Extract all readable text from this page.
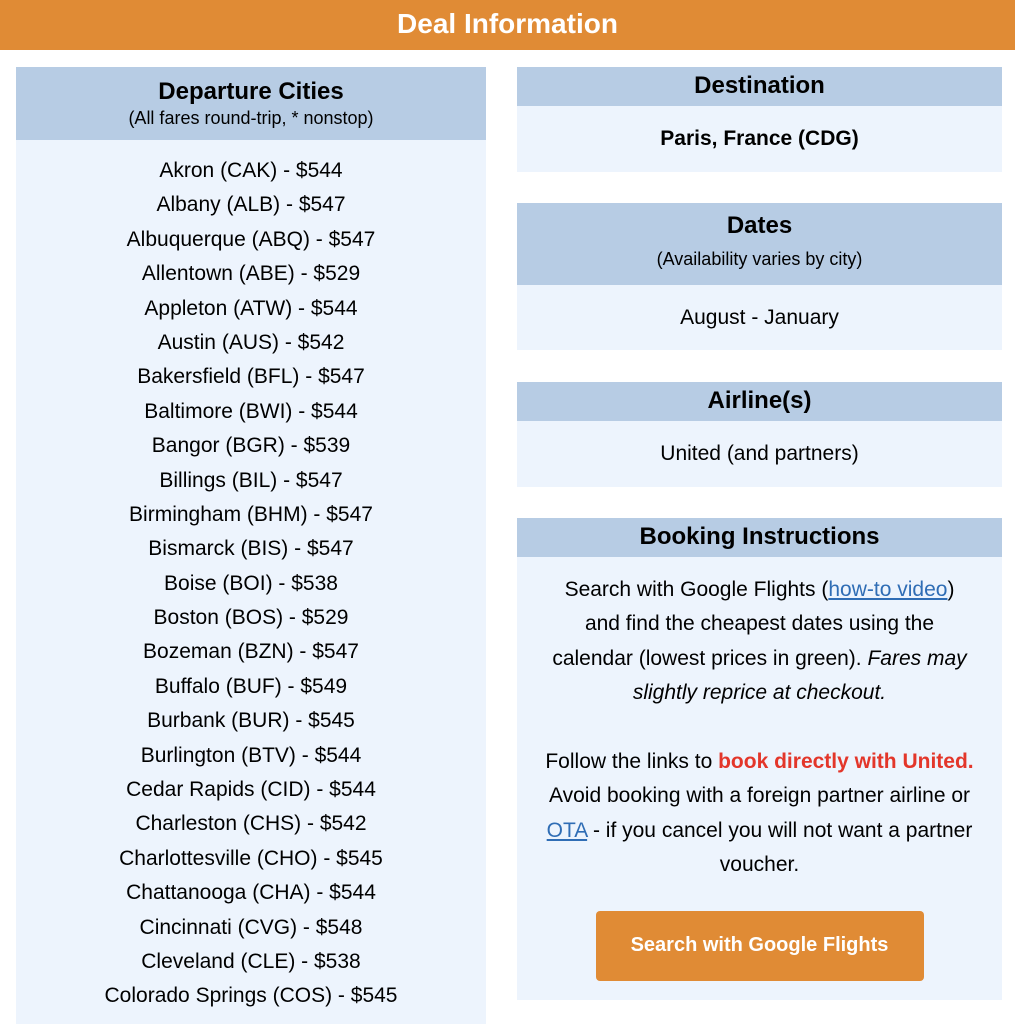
Deal Information
Departure Cities
(All fares round-trip, * nonstop)
Akron (CAK) - $544
Albany (ALB) - $547
Albuquerque (ABQ) - $547
Allentown (ABE) - $529
Appleton (ATW) - $544
Austin (AUS) - $542
Bakersfield (BFL) - $547
Baltimore (BWI) - $544
Bangor (BGR) - $539
Billings (BIL) - $547
Birmingham (BHM) - $547
Bismarck (BIS) - $547
Boise (BOI) - $538
Boston (BOS) - $529
Bozeman (BZN) - $547
Buffalo (BUF) - $549
Burbank (BUR) - $545
Burlington (BTV) - $544
Cedar Rapids (CID) - $544
Charleston (CHS) - $542
Charlottesville (CHO) - $545
Chattanooga (CHA) - $544
Cincinnati (CVG) - $548
Cleveland (CLE) - $538
Colorado Springs (COS) - $545
Destination
Paris, France (CDG)
Dates
(Availability varies by city)
August - January
Airline(s)
United (and partners)
Booking Instructions

Search with Google Flights (how-to video) and find the cheapest dates using the calendar (lowest prices in green). Fares may slightly reprice at checkout.

Follow the links to book directly with United. Avoid booking with a foreign partner airline or OTA - if you cancel you will not want a partner voucher.

Search with Google Flights
